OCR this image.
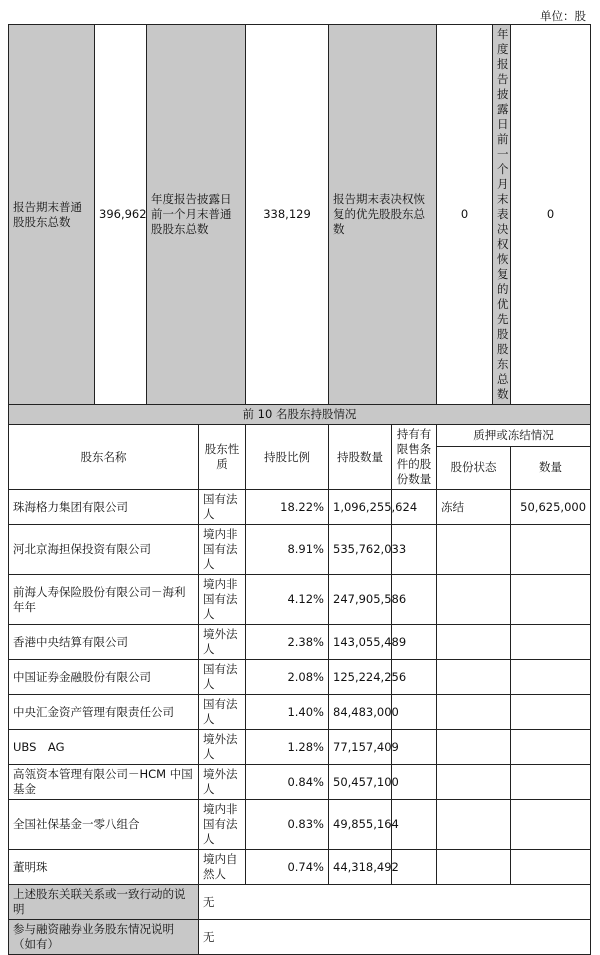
单位：股
报告期末普通股股东总数	396,962	年度报告披露日前一个月末普通股股东总数		338,129	报告期末表决权恢复的优先股股东总数		0	年度报告披露日前一个月末表决权恢复的优先股股东总数	0
前 10 名股东持股情况									
股东名称			股东性质	持股比例	持股数量	持有有限售条件的股份数量	质押或冻结情况		
							股份状态		数量
珠海格力集团有限公司			国有法人	18.22%	1,096,255,624		冻结		50,625,000
河北京海担保投资有限公司			境内非国有法人	8.91%	535,762,033				
前海人寿保险股份有限公司－海利年年			境内非国有法人	4.12%	247,905,586				
香港中央结算有限公司			境外法人	2.38%	143,055,489				
中国证券金融股份有限公司			国有法人	2.08%	125,224,256				
中央汇金资产管理有限责任公司			国有法人	1.40%	84,483,000				
UBS　AG			境外法人	1.28%	77,157,409				
高瓴资本管理有限公司－HCM 中国基金			境外法人	0.84%	50,457,100				
全国社保基金一零八组合			境内非国有法人	0.83%	49,855,164				
董明珠			境内自然人	0.74%	44,318,492				
上述股东关联关系或一致行动的说明			无						
参与融资融券业务股东情况说明（如有）			无						
